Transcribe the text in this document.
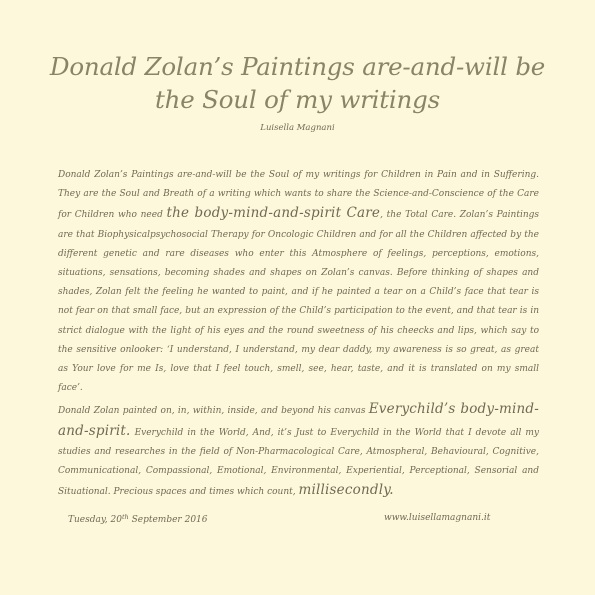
Donald Zolan’s Paintings are-and-will be
the Soul of my writings
Luisella Magnani

Donald Zolan’s Paintings are-and-will be the Soul of my writings for Children in Pain and in Suffering. They are the Soul and Breath of a writing which wants to share the Science-and-Conscience of the Care for Children who need the body-mind-and-spirit Care, the Total Care. Zolan’s Paintings are that Biophysicalpsychosocial Therapy for Oncologic Children and for all the Children affected by the different genetic and rare diseases who enter this Atmosphere of feelings, perceptions, emotions, situations, sensations, becoming shades and shapes on Zolan’s canvas. Before thinking of shapes and shades, Zolan felt the feeling he wanted to paint, and if he painted a tear on a Child’s face that tear is not fear on that small face, but an expression of the Child’s participation to the event, and that tear is in strict dialogue with the light of his eyes and the round sweetness of his cheecks and lips, which say to the sensitive onlooker: ‘I understand, I understand, my dear daddy, my awareness is so great, as great as Your love for me Is, love that I feel touch, smell, see, hear, taste, and it is translated on my small face’.

Donald Zolan painted on, in, within, inside, and beyond his canvas Everychild’s body-mind-and-spirit. Everychild in the World, And, it’s Just to Everychild in the World that I devote all my studies and researches in the field of Non-Pharmacological Care, Atmospheral, Behavioural, Cognitive, Communicational, Compassional, Emotional, Environmental, Experiential, Perceptional, Sensorial and Situational. Precious spaces and times which count, millisecondly.

Tuesday, 20th September 2016	www.luisellamagnani.it
